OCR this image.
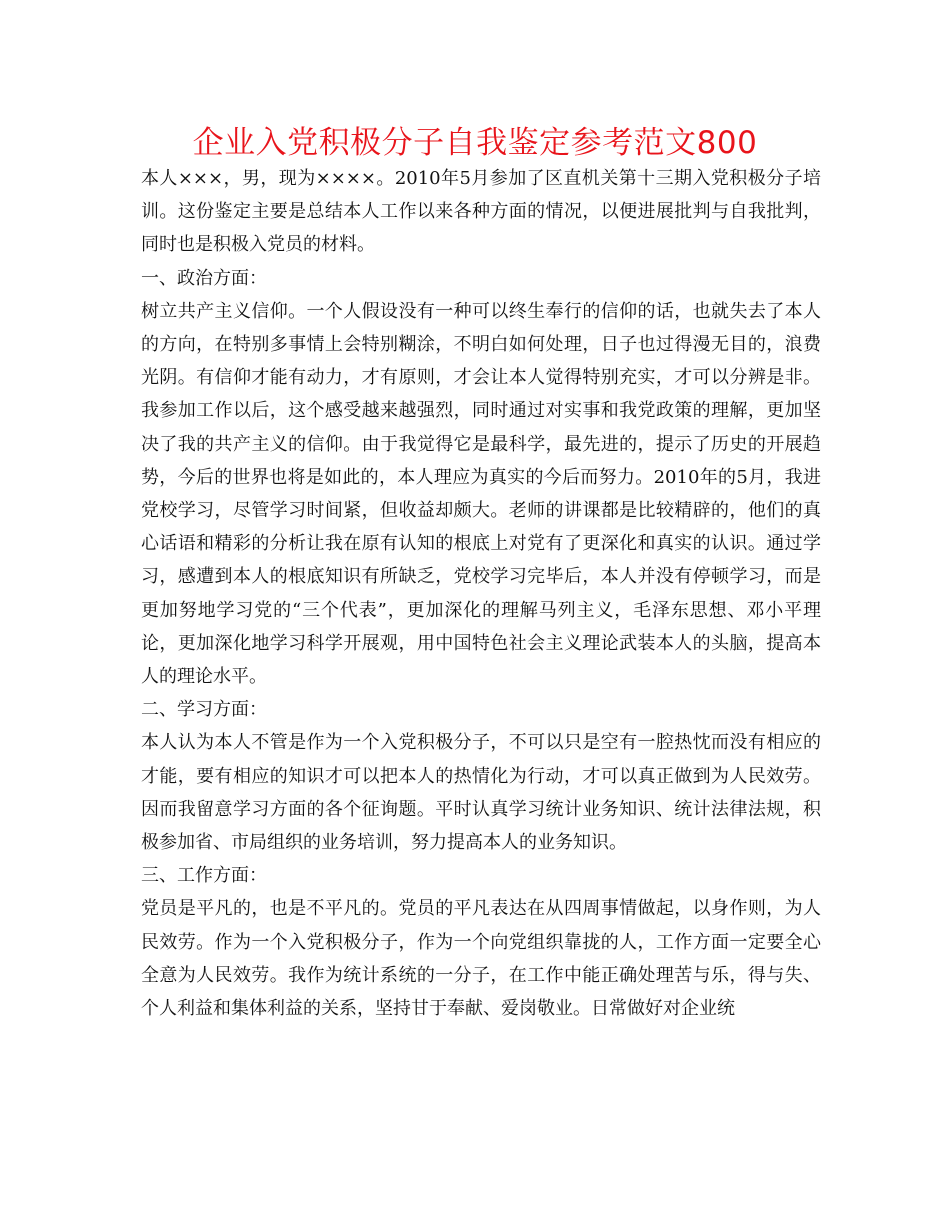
企业入党积极分子自我鉴定参考范文800

本人×××，男，现为××××。2010年5月参加了区直机关第十三期入党积极分子培训。这份鉴定主要是总结本人工作以来各种方面的情况，以便进展批判与自我批判，同时也是积极入党员的材料。

一、政治方面：

树立共产主义信仰。一个人假设没有一种可以终生奉行的信仰的话，也就失去了本人的方向，在特别多事情上会特别糊涂，不明白如何处理，日子也过得漫无目的，浪费光阴。有信仰才能有动力，才有原则，才会让本人觉得特别充实，才可以分辨是非。我参加工作以后，这个感受越来越强烈，同时通过对实事和我党政策的理解，更加坚决了我的共产主义的信仰。由于我觉得它是最科学，最先进的，提示了历史的开展趋势，今后的世界也将是如此的，本人理应为真实的今后而努力。2010年的5月，我进党校学习，尽管学习时间紧，但收益却颇大。老师的讲课都是比较精辟的，他们的真心话语和精彩的分析让我在原有认知的根底上对党有了更深化和真实的认识。通过学习，感遭到本人的根底知识有所缺乏，党校学习完毕后，本人并没有停顿学习，而是更加努地学习党的“三个代表”，更加深化的理解马列主义，毛泽东思想、邓小平理论，更加深化地学习科学开展观，用中国特色社会主义理论武装本人的头脑，提高本人的理论水平。

二、学习方面：

本人认为本人不管是作为一个入党积极分子，不可以只是空有一腔热忱而没有相应的才能，要有相应的知识才可以把本人的热情化为行动，才可以真正做到为人民效劳。因而我留意学习方面的各个征询题。平时认真学习统计业务知识、统计法律法规，积极参加省、市局组织的业务培训，努力提高本人的业务知识。

三、工作方面：

党员是平凡的，也是不平凡的。党员的平凡表达在从四周事情做起，以身作则，为人民效劳。作为一个入党积极分子，作为一个向党组织靠拢的人，工作方面一定要全心全意为人民效劳。我作为统计系统的一分子，在工作中能正确处理苦与乐，得与失、个人利益和集体利益的关系，坚持甘于奉献、爱岗敬业。日常做好对企业统
